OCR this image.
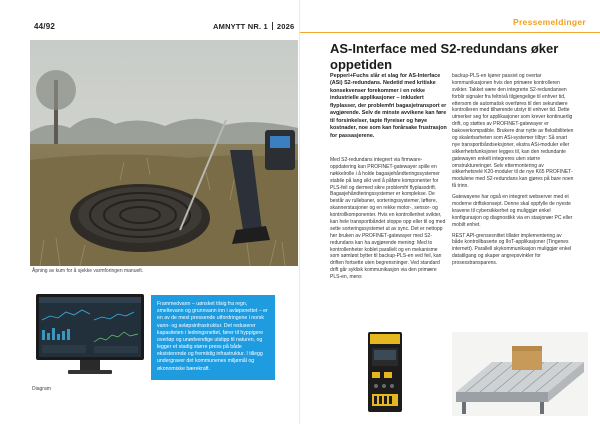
44/92	AMNYTT NR. 1 2026
Åpning av kum for å sjekke varmforingen manuelt.
Diagram
Frammedvann – uønsket tilsig fra regn, smeltevann og grunnvann inn i avløpsnettet – er en av de mest pressende utfordringene i norsk vann- og avløpsinfrastruktur. Det reduserer kapasiteten i ledningsnettet, fører til hyppigere overløp og unødvendige utslipp til naturen, og legger et stadig større press på både eksisterende og fremtidig infrastruktur. I tillegg undergraver det kommunenes miljømål og økonomiske bærekraft.
Pressemeldinger
AS-Interface med S2-redundans øker oppetiden
Pepperl+Fuchs slår et slag for AS-Interface (ASi) S2-redundans. Nedetid med kritiske konsekvenser forekommer i en rekke industrielle applikasjoner – inkludert flyplasser, der problemfri bagasjetransport er avgjørende. Selv de minste avvikene kan føre til forsinkelser, tapte flyreiser og høye kostnader, noe som kan forårsake frustrasjon for passasjerene.

Med S2-redundans integrert via firmware-oppdatering kan PROFINET-gatewayer spille en nøkkelrolle i å holde bagasjehåndteringssystemer stabile på lang sikt ved å påføre komponenter for PLS-feil og dermed sikre problemfri flyplassdrift. Bagasjehåndteringssystemer er komplekse. De består av rullebaner, sorteringssystemer, løftere, skannerstasjoner og en rekke motor-, sensor- og kontrollkomponenter. Hvis en kontrollenhet svikter, kan hele transportbåndet stoppe opp eller til og med sette sorteringssystemet ut av sync. Det er nettopp her bruken av PROFINET-gatewayer med S2-redundans kan ha avgjørende mening: Med to kontrollenheter koblet parallelt og en mekanisme som sømløst bytter til backup-PLS-en ved feil, kan driften fortsette uten begrensninger. Ved standard drift går syklisk kommunikasjon via den primære PLS-en, mens

backup-PLS-en kjører passivt og overtar kommunikasjonen hvis den primære kontrolleren svikter. Takket være den integrerte S2-redundansen forblir signaler fra feltnivå tilgjengelige til enhver tid, ettersom de automatisk overføres til den sekundære kontrolleren med tilhørende utstyr til enhver tid. Dette utmerker seg for applikasjoner som krever kontinuerlig drift, og støttes av PROFINET-gatewayer er bakoverkompatible. Brukere drar nytte av fleksibiliteten og skalerbarheten som ASi-systemer tilbyr: Så snart nye transportbåndseksjoner, ekstra ASi-moduler eller sikkerhetsfunksjoner legges til, kan den redundante gatewayen enkelt integreres uten større omstruktureringer. Selv ettermontering av sikkerhetsrelé K20-moduler til de nye K65 PROFINET-modulene med S2-redundans kan gjøres på bare noen få trinn.

Gatewayene har også en integrert webserver med et moderne driftskonsept. Denne skal oppfylle de nyeste kravene til cybersikkerhet og muliggjør enkel konfigurasjon og diagnostikk via en stasjonær PC eller mobilt enhet.

REST API-grensesnittet tillater implementering av både kontrollbaserte og IIoT-applikasjoner (Tingenes internett). Parallell skykommunikasjon muliggjør enkel datatilgang og skaper angrepsvinkler for prosesstransparens.
